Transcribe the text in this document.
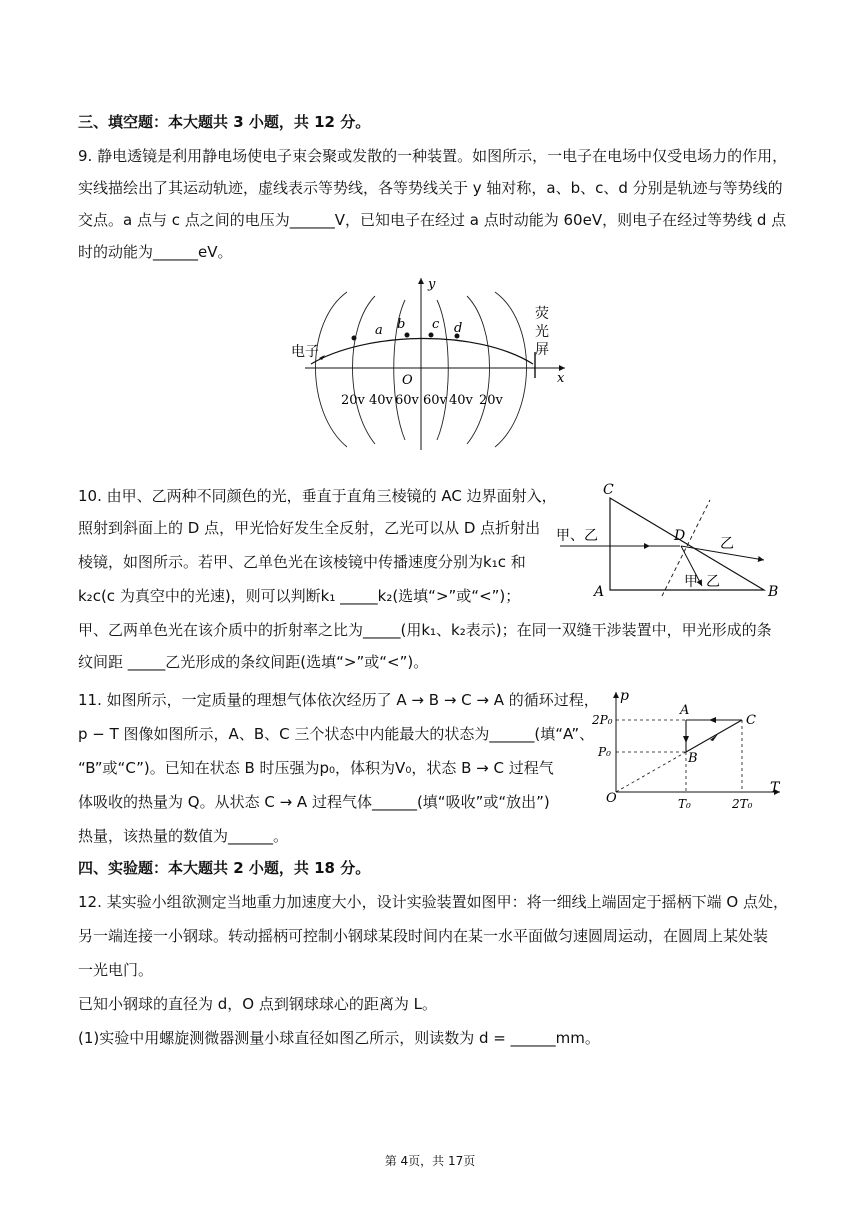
三、填空题：本大题共 3 小题，共 12 分。
9. 静电透镜是利用静电场使电子束会聚或发散的一种装置。如图所示，一电子在电场中仅受电场力的作用，
实线描绘出了其运动轨迹，虚线表示等势线，各等势线关于 y 轴对称，a、b、c、d 分别是轨迹与等势线的
交点。a 点与 c 点之间的电压为______V，已知电子在经过 a 点时动能为 60eV，则电子在经过等势线 d 点
时的动能为______eV。
a b c d
y
x
O
电子
荧
光
屏
20v 40v 60v 60v 40v 20v
10. 由甲、乙两种不同颜色的光，垂直于直角三棱镜的 AC 边界面射入，
照射到斜面上的 D 点，甲光恰好发生全反射，乙光可以从 D 点折射出
棱镜，如图所示。若甲、乙单色光在该棱镜中传播速度分别为k₁c 和
k₂c(c 为真空中的光速)，则可以判断k₁ _____k₂(选填“>”或“<”)；
甲、乙两单色光在该介质中的折射率之比为_____(用k₁、k₂表示)；在同一双缝干涉装置中，甲光形成的条
纹间距 _____乙光形成的条纹间距(选填“>”或“<”)。
C
A	B
D
甲、乙	乙
甲 乙
11. 如图所示，一定质量的理想气体依次经历了 A → B → C → A 的循环过程，
p − T 图像如图所示，A、B、C 三个状态中内能最大的状态为______(填“A”、
“B”或“C”)。已知在状态 B 时压强为p₀，体积为V₀，状态 B → C 过程气
体吸收的热量为 Q。从状态 C → A 过程气体______(填“吸收”或“放出”)
热量，该热量的数值为______。
p
T
O
A
B
C
2P₀
P₀
T₀	2T₀
四、实验题：本大题共 2 小题，共 18 分。
12. 某实验小组欲测定当地重力加速度大小，设计实验装置如图甲：将一细线上端固定于摇柄下端 O 点处，
另一端连接一小钢球。转动摇柄可控制小钢球某段时间内在某一水平面做匀速圆周运动，在圆周上某处装
一光电门。
已知小钢球的直径为 d，O 点到钢球球心的距离为 L。
(1)实验中用螺旋测微器测量小球直径如图乙所示，则读数为 d = ______mm。
第 4页，共 17页
